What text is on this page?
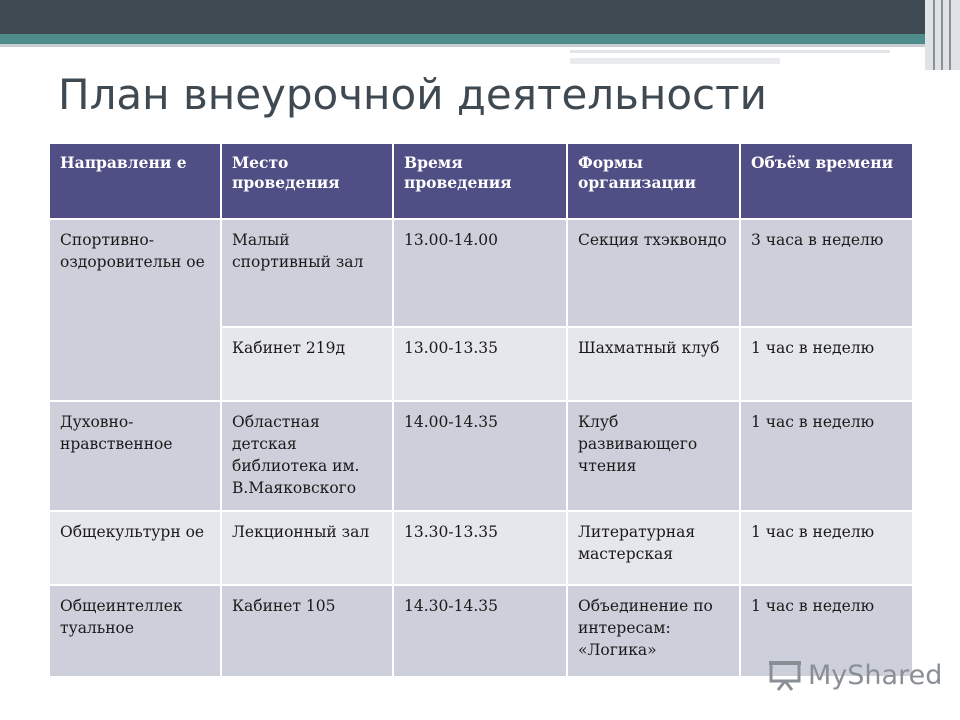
План внеурочной деятельности
Направлени е	Место проведения	Время проведения	Формы организации	Объём времени
Спортивно- оздоровительн ое	Малый спортивный зал	13.00-14.00	Секция тхэквондо	3 часа в неделю
	Кабинет 219д	13.00-13.35	Шахматный клуб	1 час в неделю
Духовно- нравственное	Областная детская библиотека им. В.Маяковского	14.00-14.35	Клуб развивающего чтения	1 час в неделю
Общекультурн ое	Лекционный зал	13.30-13.35	Литературная мастерская	1 час в неделю
Общеинтеллек туальное	Кабинет 105	14.30-14.35	Объединение по интересам: «Логика»	1 час в неделю
MyShared
